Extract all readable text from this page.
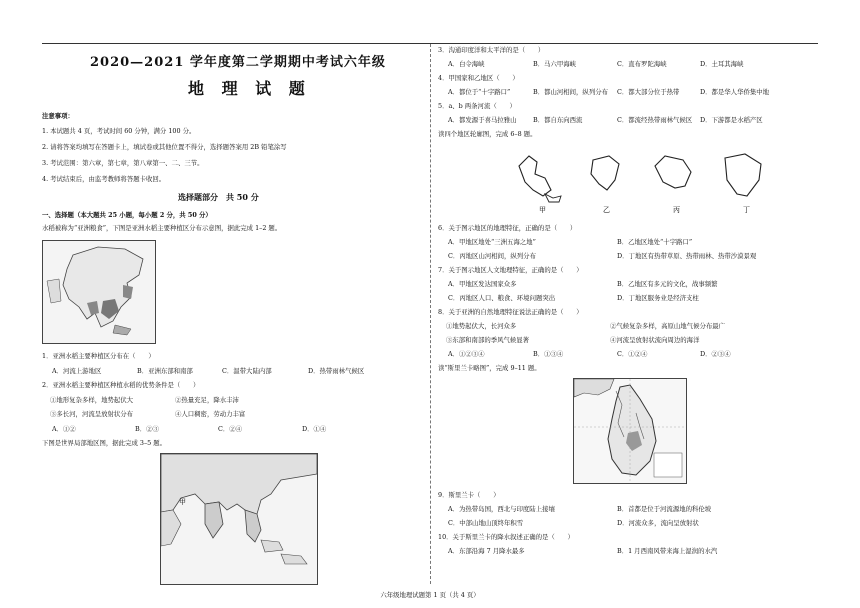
2020—2021 学年度第二学期期中考试六年级
地 理 试 题
注意事项：
1. 本试题共 4 页，考试时间 60 分钟，满分 100 分。
2. 请将答案均填写在答题卡上，填试卷或其他位置不得分，选择题答案用 2B 铅笔涂写
3. 考试范围：第六章，第七章，第八章第一、二、三节。
4. 考试结束后，由监考教师将答题卡收回。
选择题部分　共 50 分
一、选择题（本大题共 25 小题，每小题 2 分，共 50 分）
水稻被称为“亚洲粮食”，下图是亚洲水稻主要种植区分布示意图，据此完成 1–2 题。
1．亚洲水稻主要种植区分布在（　　）
A．河流上游地区	B．亚洲东部和南部	C．温带大陆内部	D．热带雨林气候区
2．亚洲水稻主要种植区种植水稻的优势条件是（　　）
①地形复杂多样，地势起伏大	②热量充足，降水丰沛
③多长河，河流呈放射状分布	④人口稠密，劳动力丰富
A．①②	B．②③	C．②④	D．①④
下图是世界局部地区图，据此完成 3–5 题。
甲
3．沟通印度洋和太平洋的是（　　）
A．白令海峡	B．马六甲海峡	C．直布罗陀海峡	D．土耳其海峡
4．甲国家和乙地区（　　）
A．都位于“十字路口”	B．都山河相间，纵列分布 C．都大部分位于热带	D．都是华人华侨集中地
5．a、b 两条河流（　　）
A．都发源于喜马拉雅山	B．都自东向西流	C．都流经热带雨林气候区 D．下游都是水稻产区
读四个地区轮廓图，完成 6–8 题。
甲	乙	丙	丁
6．关于图示地区的地理特征，正确的是（　　）
A．甲地区地处“三洲五海之地”	B．乙地区地处“十字路口”
C．丙地区山河相间，纵列分布	D．丁地区有热带草原、热带雨林、热带沙漠景观
7．关于图示地区人文地理特征，正确的是（　　）
A．甲地区发达国家众多	B．乙地区有多元的文化，战事频繁
C．丙地区人口、粮食、环境问题突出	D．丁地区服务业是经济支柱
8．关于亚洲的自然地理特征说法正确的是（　　）
①地势起伏大，长河众多	②气候复杂多样，高原山地气候分布最广
③东部和南部的季风气候显著	④河流呈放射状流向周边的海洋
A．①②③④	B．①③④	C．①②④	D．②③④
读“斯里兰卡略图”，完成 9–11 题。
9．斯里兰卡（　　）
A．为热带岛国，西北与印度陆上接壤	B．首都是位于河流源地的科伦坡
C．中部山地山顶终年积雪	D．河流众多，流向呈放射状
10．关于斯里兰卡的降水叙述正确的是（　　）
A．东部沿海 7 月降水最多	B．1 月西南风带来海上湿润的水汽
六年级地理试题第 1 页（共 4 页）
